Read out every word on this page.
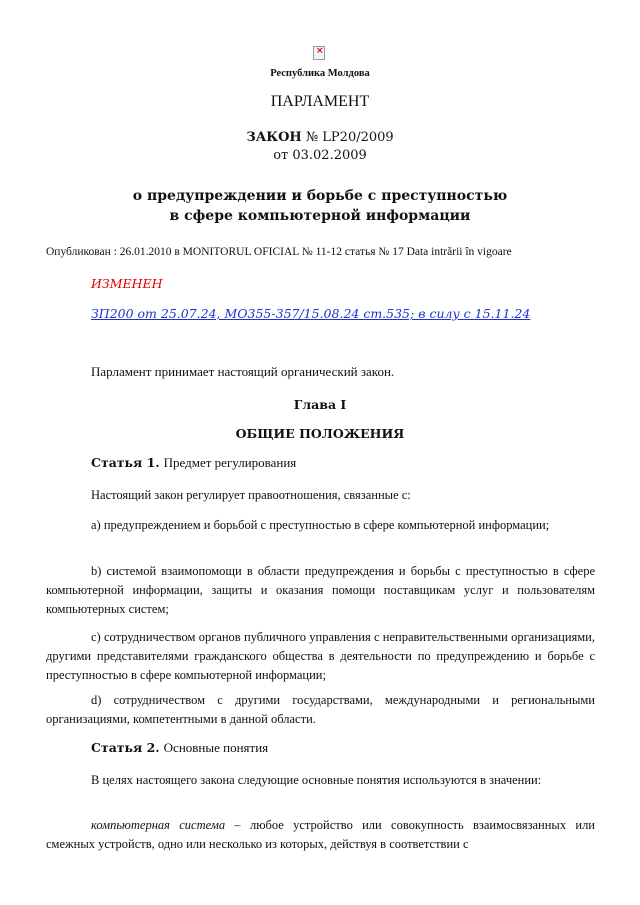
×
Республика Молдова
ПАРЛАМЕНТ
ЗАКОН № LP20/2009
от 03.02.2009
о предупреждении и борьбе с преступностью
в сфере компьютерной информации
Опубликован : 26.01.2010 в MONITORUL OFICIAL № 11-12 статья № 17 Data intrării în vigoare
ИЗМЕНЕН
ЗП200 от 25.07.24, МО355-357/15.08.24 ст.535; в силу с 15.11.24
Парламент принимает настоящий органический закон.
Глава I
ОБЩИЕ ПОЛОЖЕНИЯ
Статья 1. Предмет регулирования
Настоящий закон регулирует правоотношения, связанные с:
a) предупреждением и борьбой с преступностью в сфере компьютерной информации;
b) системой взаимопомощи в области предупреждения и борьбы с преступностью в сфере компьютерной информации, защиты и оказания помощи поставщикам услуг и пользователям компьютерных систем;
c) сотрудничеством органов публичного управления с неправительственными организациями, другими представителями гражданского общества в деятельности по предупреждению и борьбе с преступностью в сфере компьютерной информации;
d) сотрудничеством с другими государствами, международными и региональными организациями, компетентными в данной области.
Статья 2. Основные понятия
В целях настоящего закона следующие основные понятия используются в значении:
компьютерная система – любое устройство или совокупность взаимосвязанных или смежных устройств, одно или несколько из которых, действуя в соответствии с
